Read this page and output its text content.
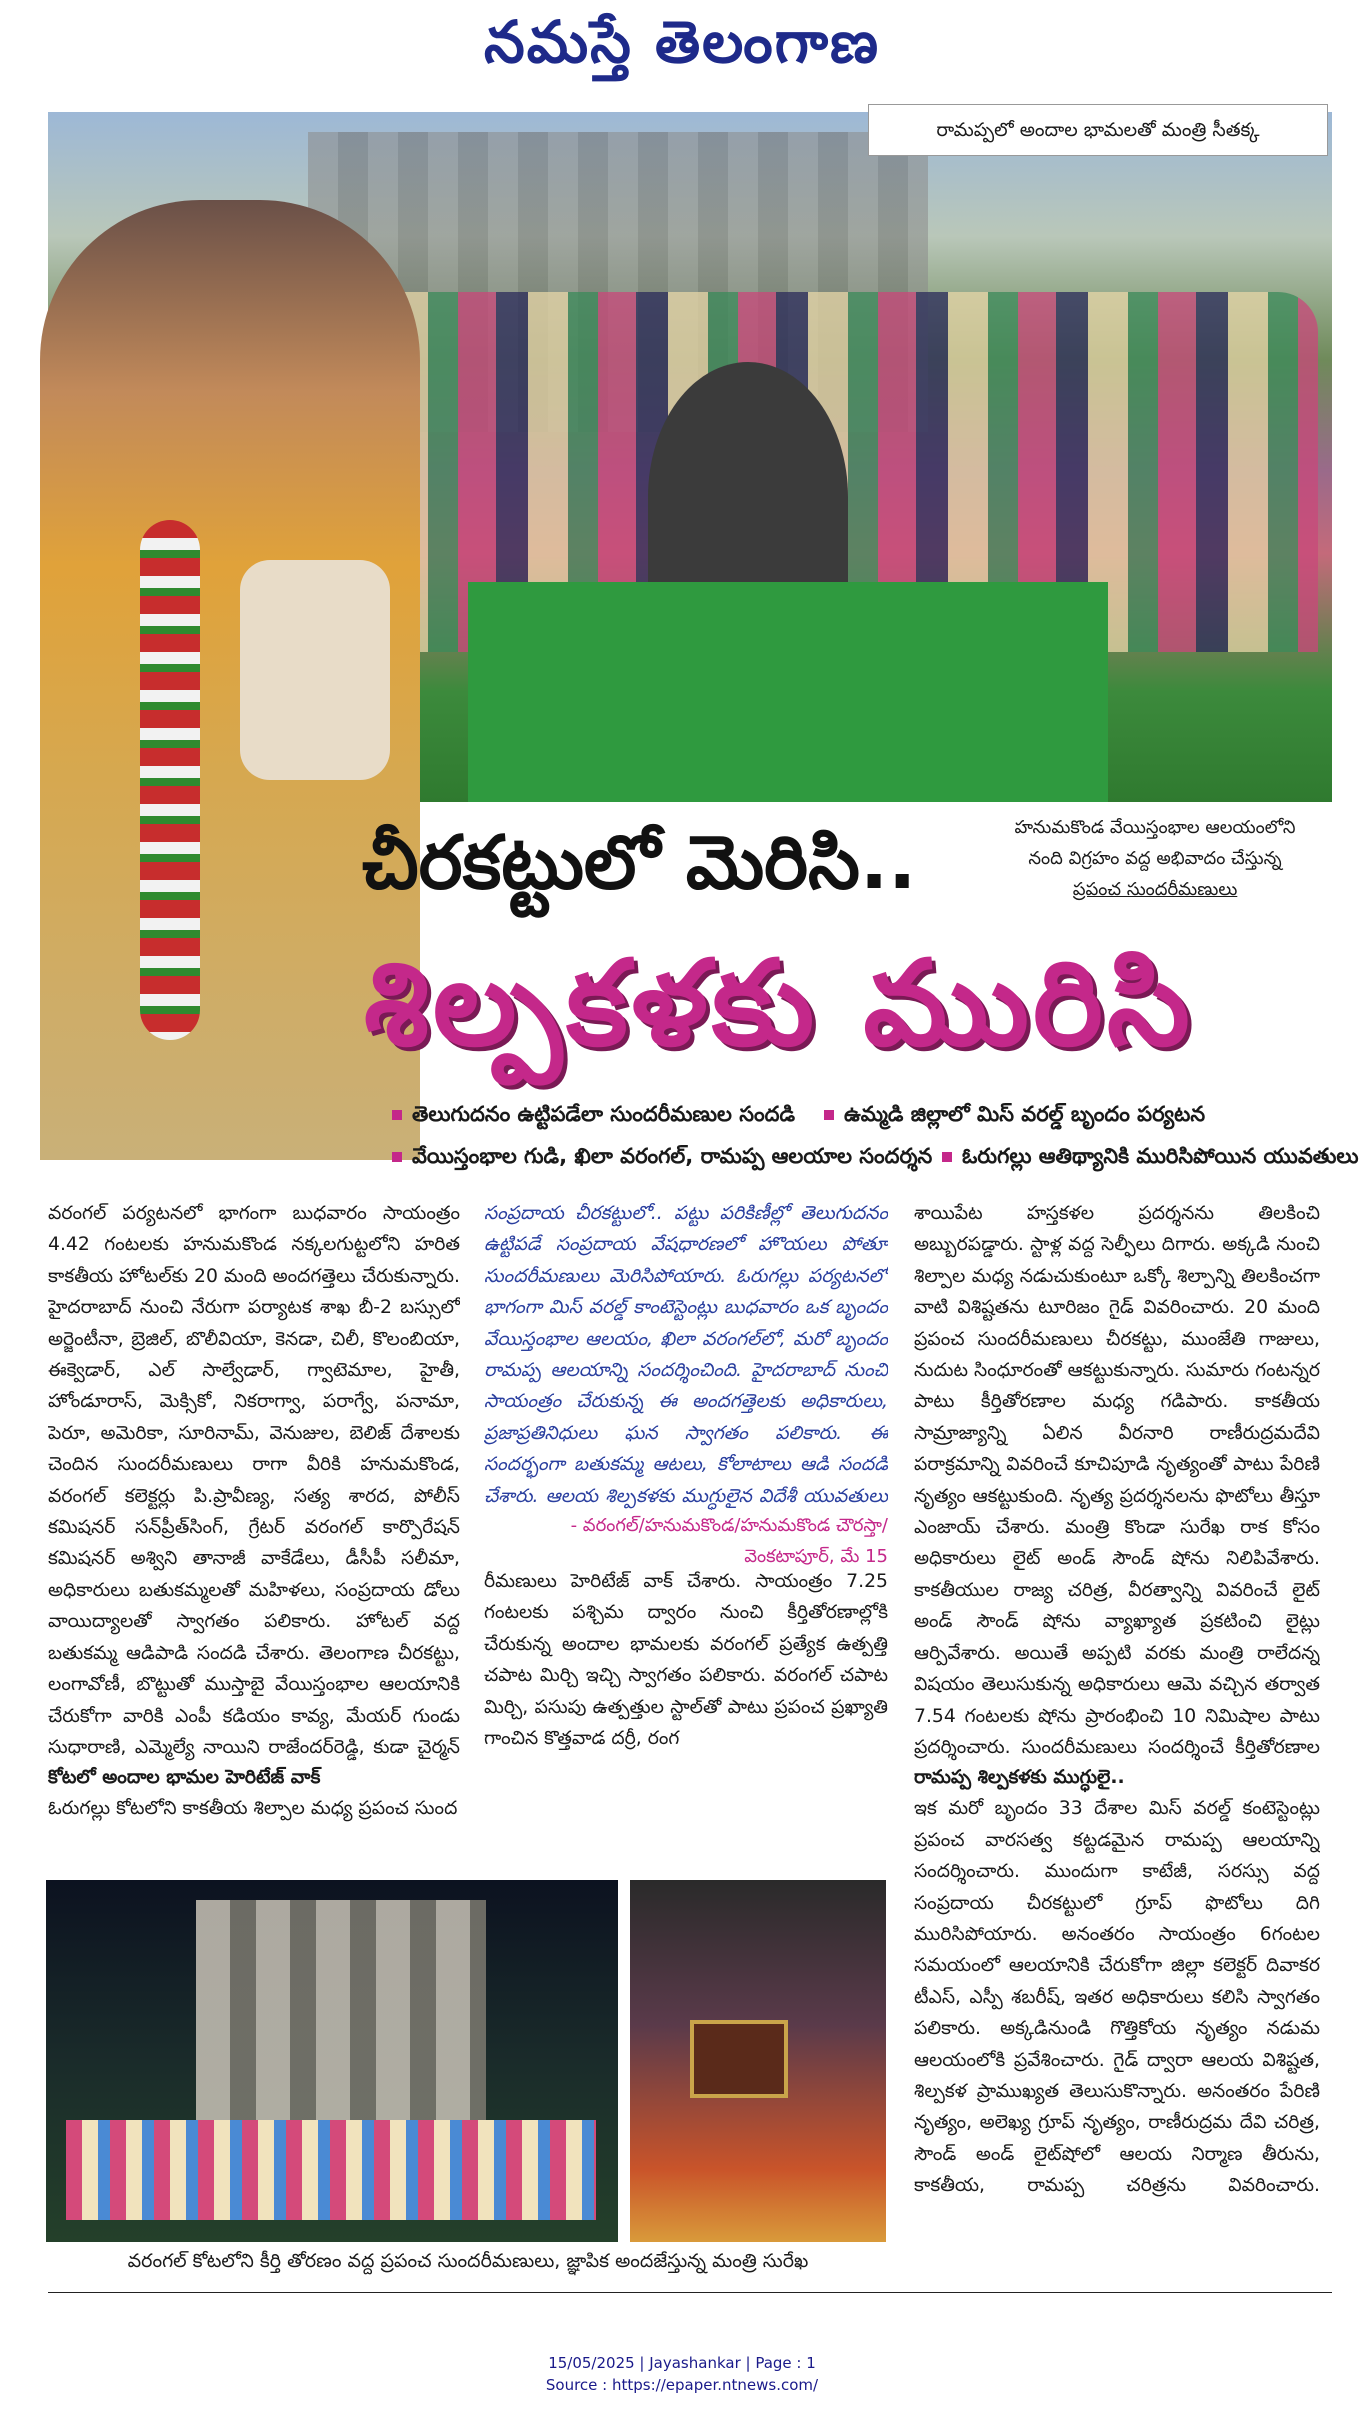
నమస్తే తెలంగాణ
రామప్పలో అందాల భామలతో మంత్రి సీతక్క
హనుమకొండ వేయిస్తంభాల ఆలయంలోని
నంది విగ్రహం వద్ద అభివాదం చేస్తున్న
ప్రపంచ సుందరీమణులు
చీరకట్టులో మెరిసి..
శిల్పకళకు మురిసి
తెలుగుదనం ఉట్టిపడేలా సుందరీమణుల సందడి	ఉమ్మడి జిల్లాలో మిస్ వరల్డ్ బృందం పర్యటన
వేయిస్తంభాల గుడి, ఖిలా వరంగల్, రామప్ప ఆలయాల సందర్శన	ఓరుగల్లు ఆతిథ్యానికి మురిసిపోయిన యువతులు
వరంగల్ పర్యటనలో భాగంగా బుధవారం సాయంత్రం 4.42 గంటలకు హనుమకొండ నక్కలగుట్టలోని హరిత కాకతీయ హోటల్‌కు 20 మంది అందగత్తెలు చేరుకున్నారు. హైదరాబాద్ నుంచి నేరుగా పర్యాటక శాఖ బీ-2 బస్సులో అర్జెంటీనా, బ్రెజిల్, బొలీవియా, కెనడా, చిలీ, కొలంబియా, ఈక్వెడార్, ఎల్ సాల్వేడార్, గ్వాటెమాల, హైతీ, హోండూరాస్, మెక్సికో, నికరాగ్వా, పరాగ్వే, పనామా, పెరూ, అమెరికా, సూరినామ్, వెనుజుల, బెలిజ్ దేశాలకు చెందిన సుందరీమణులు రాగా వీరికి హనుమకొండ, వరంగల్ కలెక్టర్లు పి.ప్రావీణ్య, సత్య శారద, పోలీస్ కమిషనర్ సన్‌ప్రీత్‌సింగ్, గ్రేటర్ వరంగల్ కార్పొరేషన్ కమిషనర్ అశ్విని తానాజీ వాకేడేలు, డీసీపీ సలీమా, అధికారులు బతుకమ్మలతో మహిళలు, సంప్రదాయ డోలు వాయిద్యాలతో స్వాగతం పలికారు. హోటల్ వద్ద బతుకమ్మ ఆడిపాడి సందడి చేశారు. తెలంగాణ చీరకట్టు, లంగావోణీ, బొట్టుతో ముస్తాబై వేయిస్తంభాల ఆలయానికి చేరుకోగా వారికి ఎంపీ కడియం కావ్య, మేయర్ గుండు సుధారాణి, ఎమ్మెల్యే నాయిని రాజేందర్‌రెడ్డి, కుడా చైర్మన్
కోటలో అందాల భామల హెరిటేజ్ వాక్
ఓరుగల్లు కోటలోని కాకతీయ శిల్పాల మధ్య ప్రపంచ సుంద
సంప్రదాయ చీరకట్టులో.. పట్టు పరికిణీల్లో తెలుగుదనం ఉట్టిపడే సంప్రదాయ వేషధారణలో హొయలు పోతూ సుందరీమణులు మెరిసిపోయారు. ఓరుగల్లు పర్యటనలో భాగంగా మిస్ వరల్డ్ కాంటెస్టెంట్లు బుధవారం ఒక బృందం వేయిస్తంభాల ఆలయం, ఖిలా వరంగల్‌లో, మరో బృందం రామప్ప ఆలయాన్ని సందర్శించింది. హైదరాబాద్ నుంచి సాయంత్రం చేరుకున్న ఈ అందగత్తెలకు అధికారులు, ప్రజాప్రతినిధులు ఘన స్వాగతం పలికారు. ఈ సందర్భంగా బతుకమ్మ ఆటలు, కోలాటాలు ఆడి సందడి చేశారు. ఆలయ శిల్పకళకు ముగ్ధులైన విదేశీ యువతులు
- వరంగల్/హనుమకొండ/హనుమకొండ చౌరస్తా/ వెంకటాపూర్, మే 15
రీమణులు హెరిటేజ్ వాక్ చేశారు. సాయంత్రం 7.25 గంటలకు పశ్చిమ ద్వారం నుంచి కీర్తితోరణాల్లోకి చేరుకున్న అందాల భామలకు వరంగల్ ప్రత్యేక ఉత్పత్తి చపాట మిర్చి ఇచ్చి స్వాగతం పలికారు. వరంగల్ చపాట మిర్చి, పసుపు ఉత్పత్తుల స్టాల్‌తో పాటు ప్రపంచ ప్రఖ్యాతి గాంచిన కొత్తవాడ దర్రీ, రంగ
శాయిపేట హస్తకళల ప్రదర్శనను తిలకించి అబ్బురపడ్డారు. స్టాళ్ల వద్ద సెల్ఫీలు దిగారు. అక్కడి నుంచి శిల్పాల మధ్య నడుచుకుంటూ ఒక్కో శిల్పాన్ని తిలకించగా వాటి విశిష్టతను టూరిజం గైడ్ వివరించారు. 20 మంది ప్రపంచ సుందరీమణులు చీరకట్టు, ముంజేతి గాజులు, నుదుట సింధూరంతో ఆకట్టుకున్నారు. సుమారు గంటన్నర పాటు కీర్తితోరణాల మధ్య గడిపారు. కాకతీయ సామ్రాజ్యాన్ని ఏలిన వీరనారి రాణీరుద్రమదేవి పరాక్రమాన్ని వివరించే కూచిపూడి నృత్యంతో పాటు పేరిణి నృత్యం ఆకట్టుకుంది. నృత్య ప్రదర్శనలను ఫొటోలు తీస్తూ ఎంజాయ్ చేశారు. మంత్రి కొండా సురేఖ రాక కోసం అధికారులు లైట్ అండ్ సౌండ్ షోను నిలిపివేశారు. కాకతీయుల రాజ్య చరిత్ర, వీరత్వాన్ని వివరించే లైట్ అండ్ సౌండ్ షోను వ్యాఖ్యాత ప్రకటించి లైట్లు ఆర్పివేశారు. అయితే అప్పటి వరకు మంత్రి రాలేదన్న విషయం తెలుసుకున్న అధికారులు ఆమె వచ్చిన తర్వాత 7.54 గంటలకు షోను ప్రారంభించి 10 నిమిషాల పాటు ప్రదర్శించారు. సుందరీమణులు సందర్శించే కీర్తితోరణాల
రామప్ప శిల్పకళకు ముగ్ధులై..
ఇక మరో బృందం 33 దేశాల మిస్ వరల్డ్ కంటెస్టెంట్లు ప్రపంచ వారసత్వ కట్టడమైన రామప్ప ఆలయాన్ని సందర్శించారు. ముందుగా కాటేజీ, సరస్సు వద్ద సంప్రదాయ చీరకట్టులో గ్రూప్ ఫొటోలు దిగి మురిసిపోయారు. అనంతరం సాయంత్రం 6గంటల సమయంలో ఆలయానికి చేరుకోగా జిల్లా కలెక్టర్ దివాకర టీఎస్, ఎస్పీ శబరీష్, ఇతర అధికారులు కలిసి స్వాగతం పలికారు. అక్కడినుండి గొత్తికోయ నృత్యం నడుమ ఆలయంలోకి ప్రవేశించారు. గైడ్ ద్వారా ఆలయ విశిష్టత, శిల్పకళ ప్రాముఖ్యత తెలుసుకొన్నారు. అనంతరం పేరిణి నృత్యం, అలెఖ్య గ్రూప్ నృత్యం, రాణీరుద్రమ దేవి చరిత్ర, సౌండ్ అండ్ లైట్‌షోలో ఆలయ నిర్మాణ తీరును, కాకతీయ, రామప్ప చరిత్రను వివరించారు.
వరంగల్ కోటలోని కీర్తి తోరణం వద్ద ప్రపంచ సుందరీమణులు, జ్ఞాపిక అందజేస్తున్న మంత్రి సురేఖ
15/05/2025 | Jayashankar | Page : 1
Source : https://epaper.ntnews.com/
